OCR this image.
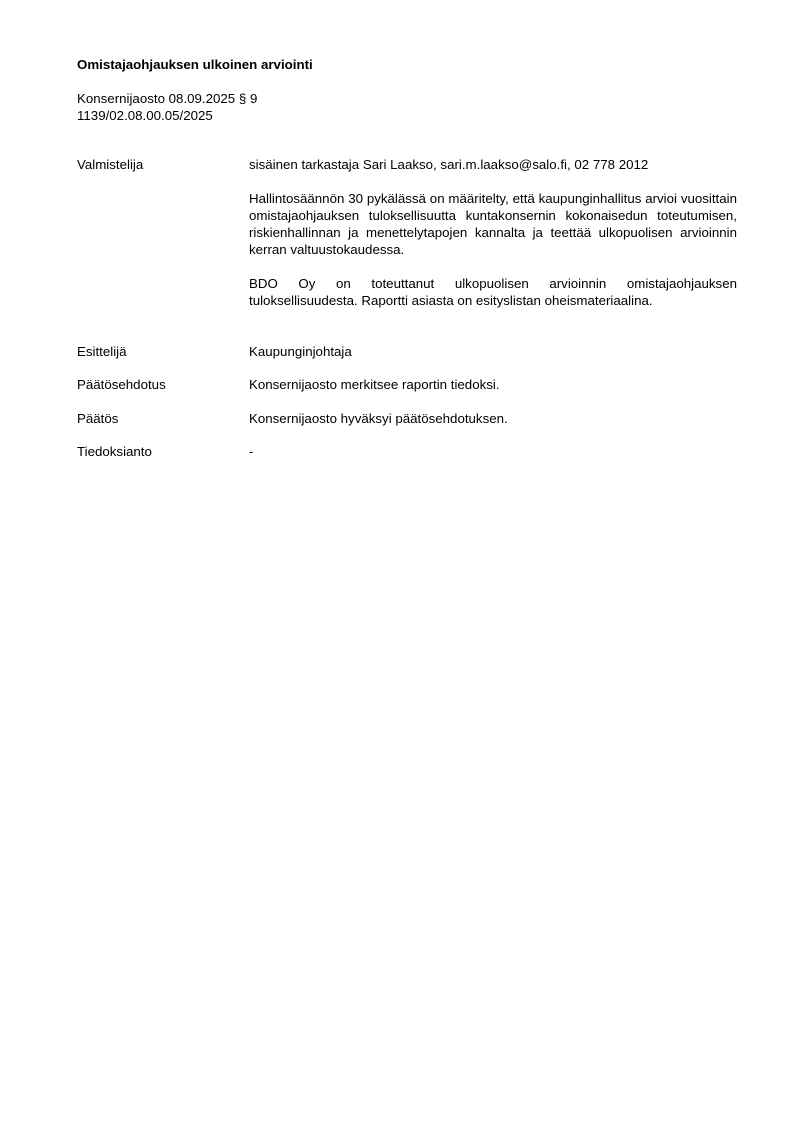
Omistajaohjauksen ulkoinen arviointi
Konsernijaosto 08.09.2025 § 9
1139/02.08.00.05/2025
Valmistelija	sisäinen tarkastaja Sari Laakso, sari.m.laakso@salo.fi, 02 778 2012
Hallintosäännön 30 pykälässä on määritelty, että kaupunginhallitus arvioi vuosittain omistajaohjauksen tuloksellisuutta kuntakonsernin kokonaisedun toteutumisen, riskienhallinnan ja menettelytapojen kannalta ja teettää ulkopuolisen arvioinnin kerran valtuustokaudessa.
BDO Oy on toteuttanut ulkopuolisen arvioinnin omistajaohjauksen tuloksellisuudesta. Raportti asiasta on esityslistan oheismateriaalina.
Esittelijä	Kaupunginjohtaja
Päätösehdotus	Konsernijaosto merkitsee raportin tiedoksi.
Päätös	Konsernijaosto hyväksyi päätösehdotuksen.
Tiedoksianto	-
